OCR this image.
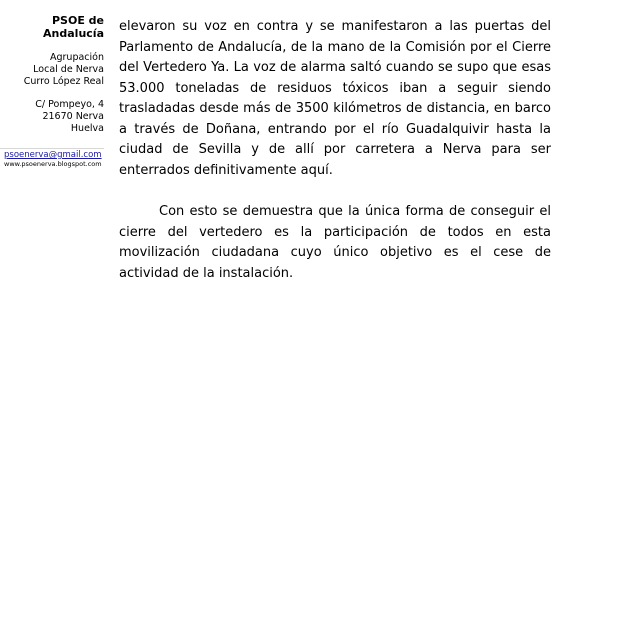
PSOE de

Andalucía

Agrupación

Local de Nerva

Curro López Real

C/ Pompeyo, 4

21670 Nerva

Huelva

psoenerva@gmail.com
www.psoenerva.blogspot.com

elevaron su voz en contra y se manifestaron a las puertas del Parlamento de Andalucía, de la mano de la Comisión por el Cierre del Vertedero Ya. La voz de alarma saltó cuando se supo que esas 53.000 toneladas de residuos tóxicos iban a seguir siendo trasladadas desde más de 3500 kilómetros de distancia, en barco a través de Doñana, entrando por el río Guadalquivir hasta la ciudad de Sevilla y de allí por carretera a Nerva para ser enterrados definitivamente aquí.

Con esto se demuestra que la única forma de conseguir el cierre del vertedero es la participación de todos en esta movilización ciudadana cuyo único objetivo es el cese de actividad de la instalación.
